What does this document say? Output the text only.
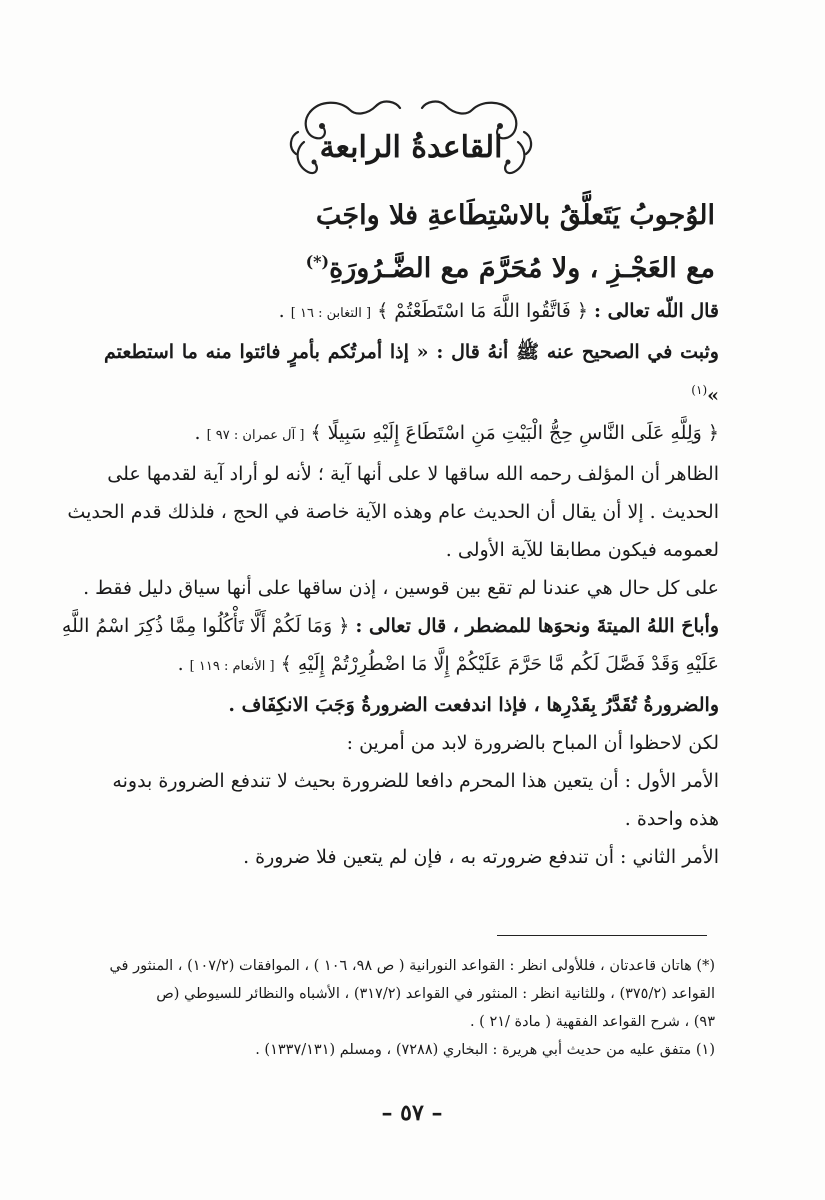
القاعدةُ الرابعة
الوُجوبُ يَتَعلَّقُ بالاسْتِطَاعةِ فلا واجَبَ
مع العَجْـزِ ، ولا مُحَرَّمَ مع الضَّـرُورَةِ(*)

قال اللّه تعالى : ﴿ فَاتَّقُوا اللَّهَ مَا اسْتَطَعْتُمْ ﴾ [ التغابن : ١٦ ] .

وثبت في الصحيح عنه ﷺ أنهُ قال : « إذا أمرتُكم بأمرٍ فائتوا منه ما استطعتم »$^{(١)}$

﴿ وَلِلَّهِ عَلَى النَّاسِ حِجُّ الْبَيْتِ مَنِ اسْتَطَاعَ إِلَيْهِ سَبِيلًا ﴾ [ آل عمران : ٩٧ ] .

الظاهر أن المؤلف رحمه الله ساقها لا على أنها آية ؛ لأنه لو أراد آية لقدمها على
الحديث . إلا أن يقال أن الحديث عام وهذه الآية خاصة في الحج ، فلذلك قدم الحديث
لعمومه فيكون مطابقا للآية الأولى .

على كل حال هي عندنا لم تقع بين قوسين ، إذن ساقها على أنها سياق دليل فقط .

وأباحَ اللهُ الميتةَ ونحوَها للمضطر ، قال تعالى : ﴿ وَمَا لَكُمْ أَلَّا تَأْكُلُوا مِمَّا ذُكِرَ اسْمُ اللَّهِ
عَلَيْهِ وَقَدْ فَصَّلَ لَكُم مَّا حَرَّمَ عَلَيْكُمْ إِلَّا مَا اضْطُرِرْتُمْ إِلَيْهِ ﴾ [ الأنعام : ١١٩ ] .

والضرورةُ تُقَدَّرُ بِقَدْرِها ، فإذا اندفعت الضرورةُ وَجَبَ الانكِفَاف .

لكن لاحظوا أن المباح بالضرورة لابد من أمرين :

الأمر الأول : أن يتعين هذا المحرم دافعا للضرورة بحيث لا تندفع الضرورة بدونه
هذه واحدة .

الأمر الثاني : أن تندفع ضرورته به ، فإن لم يتعين فلا ضرورة .

(*) هاتان قاعدتان ، فللأولى انظر : القواعد النورانية ( ص ٩٨، ١٠٦ ) ، الموافقات (١٠٧/٢) ، المنثور في
القواعد (٣٧٥/٢) ، وللثانية انظر : المنثور في القواعد (٣١٧/٢) ، الأشباه والنظائر للسيوطي (ص
٩٣) ، شرح القواعد الفقهية ( مادة /٢١ ) .
(١) متفق عليه من حديث أبي هريرة : البخاري (٧٢٨٨) ، ومسلم (١٣٣٧/١٣١) .
– ٥٧ –
